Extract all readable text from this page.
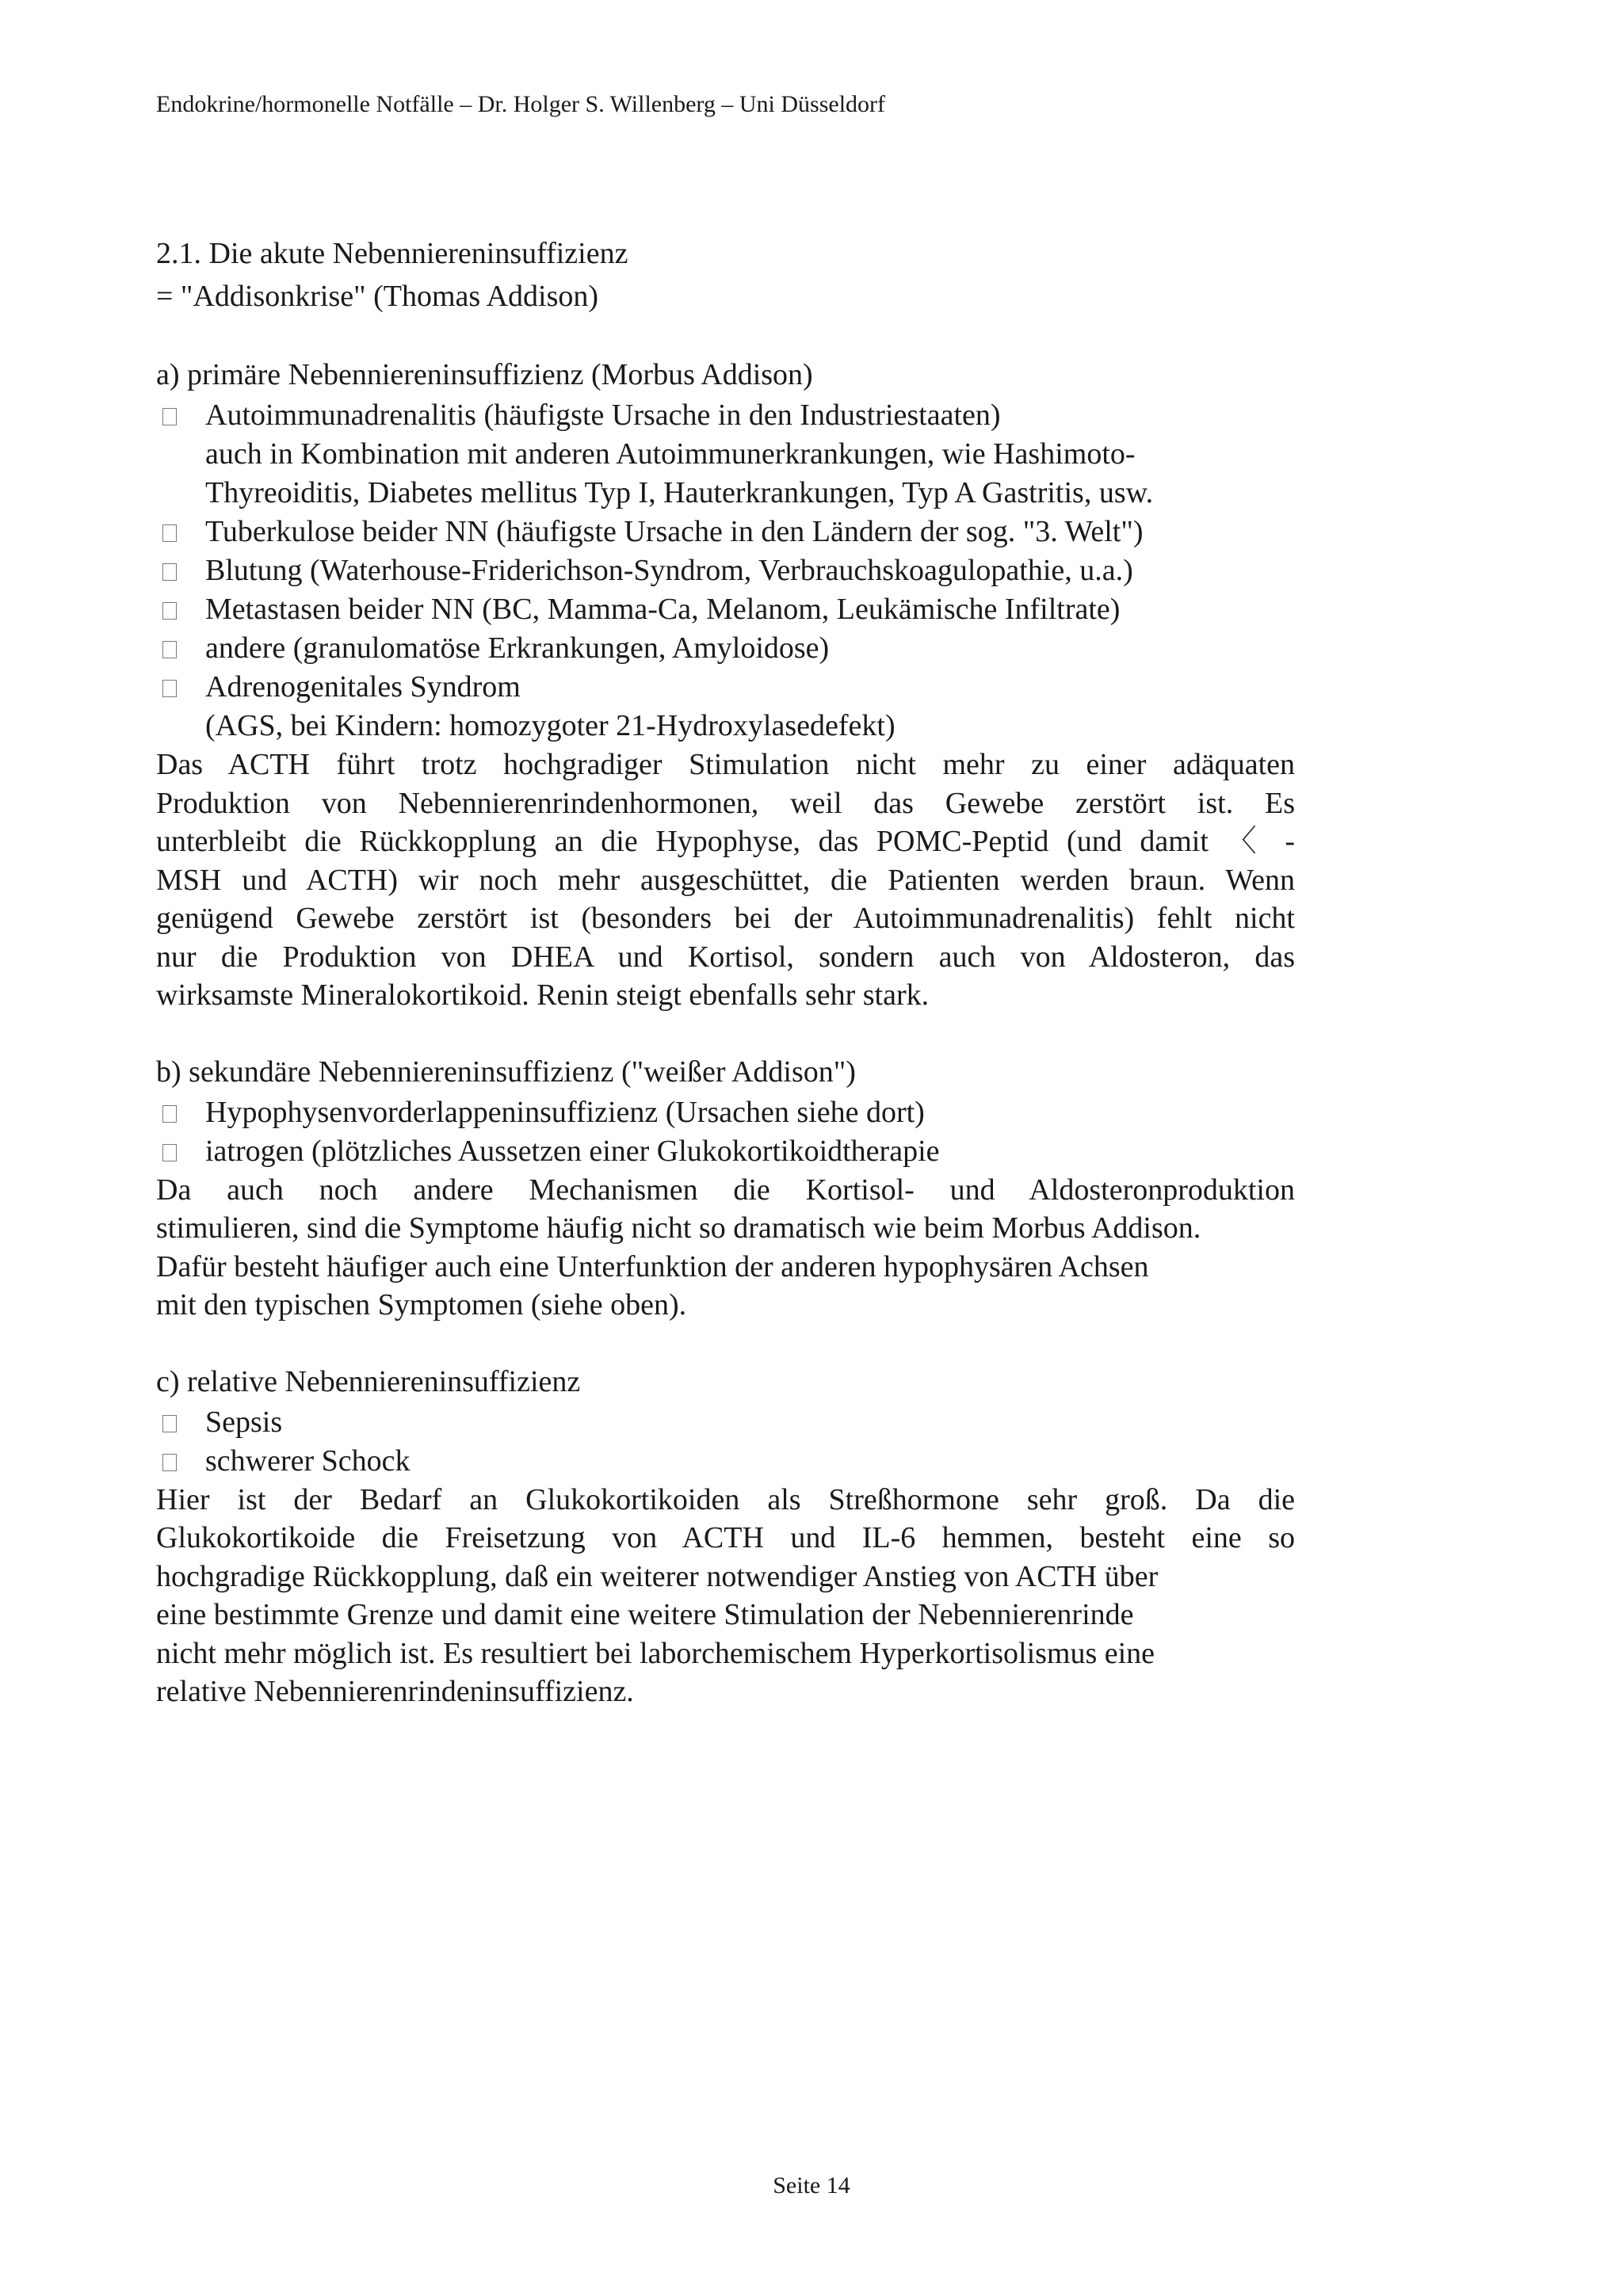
Endokrine/hormonelle Notfälle – Dr. Holger S. Willenberg – Uni Düsseldorf
2.1. Die akute Nebenniereninsuffizienz
= "Addisonkrise" (Thomas Addison)
a) primäre Nebenniereninsuffizienz (Morbus Addison)
Autoimmunadrenalitis (häufigste Ursache in den Industriestaaten)
auch in Kombination mit anderen Autoimmunerkrankungen, wie Hashimoto-
Thyreoiditis, Diabetes mellitus Typ I, Hauterkrankungen, Typ A Gastritis, usw.
Tuberkulose beider NN (häufigste Ursache in den Ländern der sog. "3. Welt")
Blutung (Waterhouse-Friderichson-Syndrom, Verbrauchskoagulopathie, u.a.)
Metastasen beider NN (BC, Mamma-Ca, Melanom, Leukämische Infiltrate)
andere (granulomatöse Erkrankungen, Amyloidose)
Adrenogenitales Syndrom
(AGS, bei Kindern: homozygoter 21-Hydroxylasedefekt)
Das ACTH führt trotz hochgradiger Stimulation nicht mehr zu einer adäquaten
Produktion von Nebennierenrindenhormonen, weil das Gewebe zerstört ist. Es
unterbleibt die Rückkopplung an die Hypophyse, das POMC-Peptid (und damit 〈 -
MSH und ACTH) wir noch mehr ausgeschüttet, die Patienten werden braun. Wenn
genügend Gewebe zerstört ist (besonders bei der Autoimmunadrenalitis) fehlt nicht
nur die Produktion von DHEA und Kortisol, sondern auch von Aldosteron, das
wirksamste Mineralokortikoid. Renin steigt ebenfalls sehr stark.
b) sekundäre Nebenniereninsuffizienz ("weißer Addison")
Hypophysenvorderlappeninsuffizienz (Ursachen siehe dort)
iatrogen (plötzliches Aussetzen einer Glukokortikoidtherapie
Da auch noch andere Mechanismen die Kortisol- und Aldosteronproduktion
stimulieren, sind die Symptome häufig nicht so dramatisch wie beim Morbus Addison.
Dafür besteht häufiger auch eine Unterfunktion der anderen hypophysären Achsen
mit den typischen Symptomen (siehe oben).
c) relative Nebenniereninsuffizienz
Sepsis
schwerer Schock
Hier ist der Bedarf an Glukokortikoiden als Streßhormone sehr groß. Da die
Glukokortikoide die Freisetzung von ACTH und IL-6 hemmen, besteht eine so
hochgradige Rückkopplung, daß ein weiterer notwendiger Anstieg von ACTH über
eine bestimmte Grenze und damit eine weitere Stimulation der Nebennierenrinde
nicht mehr möglich ist. Es resultiert bei laborchemischem Hyperkortisolismus eine
relative Nebennierenrindeninsuffizienz.
Seite 14
